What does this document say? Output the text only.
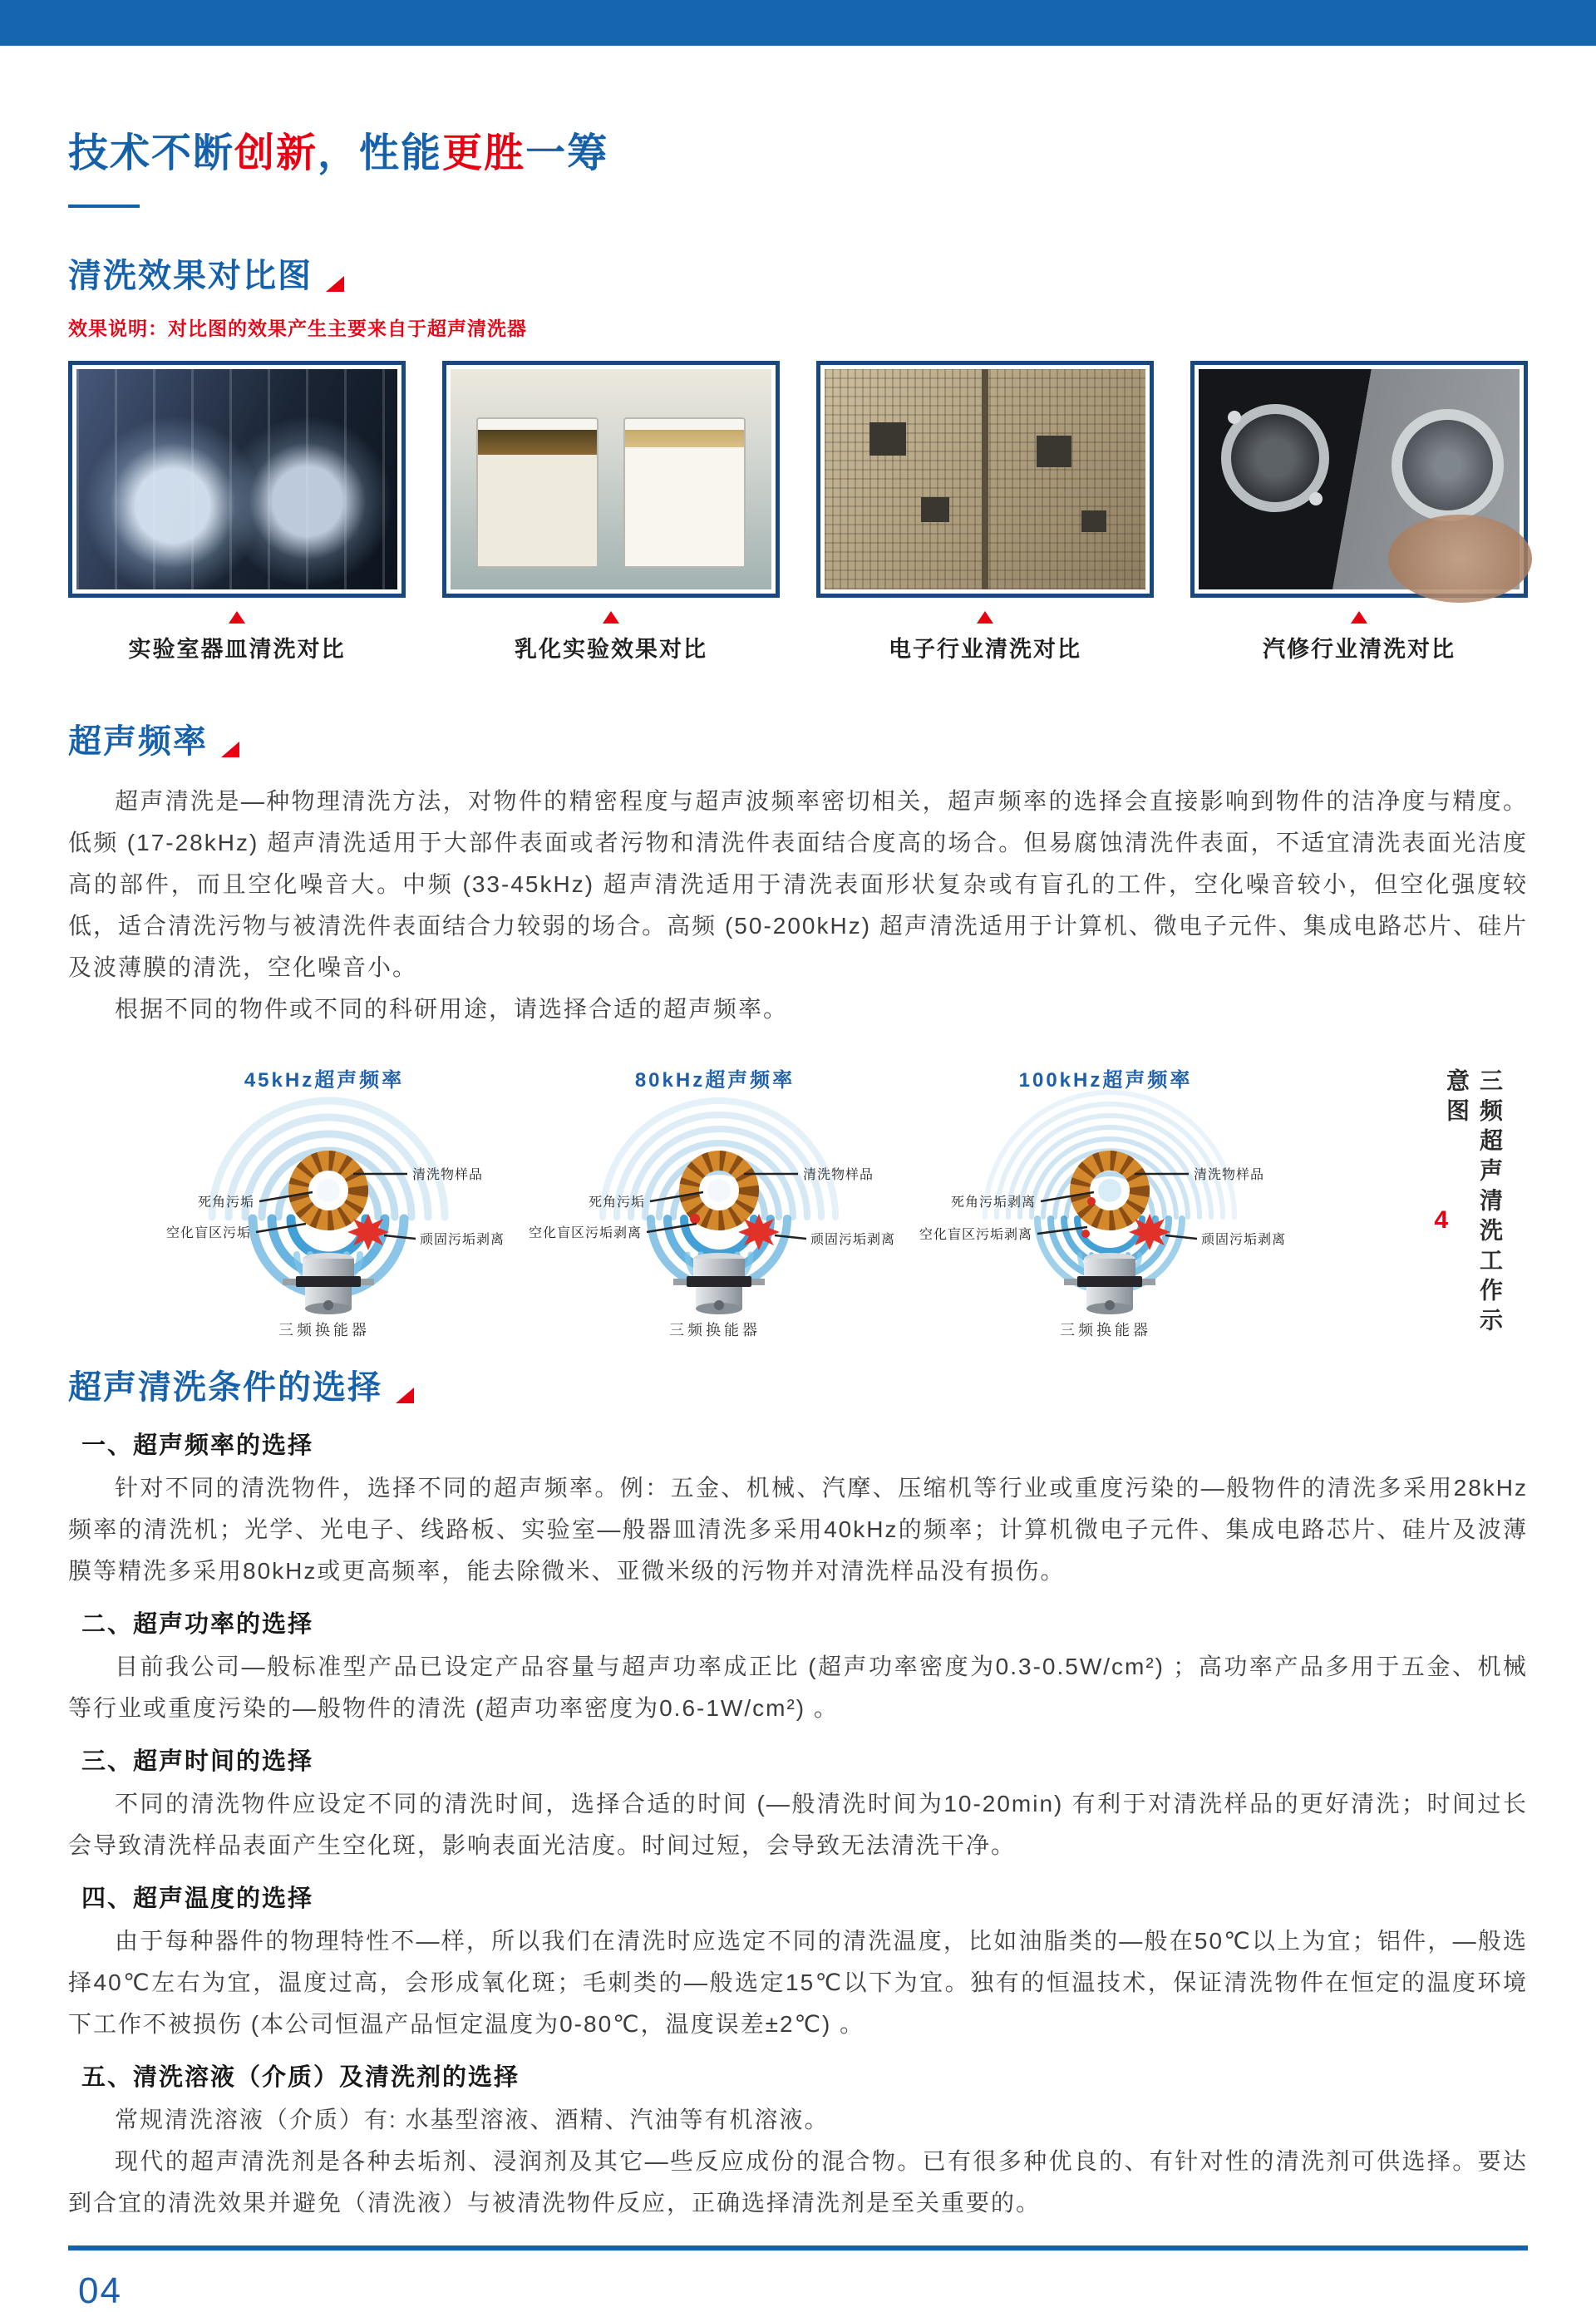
技术不断创新，性能更胜一筹
清洗效果对比图
效果说明：对比图的效果产生主要来自于超声清洗器
实验室器皿清洗对比	乳化实验效果对比	电子行业清洗对比	汽修行业清洗对比
超声频率

超声清洗是—种物理清洗方法，对物件的精密程度与超声波频率密切相关，超声频率的选择会直接影响到物件的洁净度与精度。低频 (17-28kHz) 超声清洗适用于大部件表面或者污物和清洗件表面结合度高的场合。但易腐蚀清洗件表面，不适宜清洗表面光洁度高的部件，而且空化噪音大。中频 (33-45kHz) 超声清洗适用于清洗表面形状复杂或有盲孔的工件，空化噪音较小，但空化强度较低，适合清洗污物与被清洗件表面结合力较弱的场合。高频 (50-200kHz) 超声清洗适用于计算机、微电子元件、集成电路芯片、硅片及波薄膜的清洗，空化噪音小。

根据不同的物件或不同的科研用途，请选择合适的超声频率。

45kHz超声频率
清洗物样品
死角污垢
空化盲区污垢	顽固污垢剥离
三频换能器
80kHz超声频率
清洗物样品
死角污垢
空化盲区污垢剥离	顽固污垢剥离
三频换能器
100kHz超声频率
清洗物样品
死角污垢剥离
空化盲区污垢剥离	顽固污垢剥离
三频换能器
4	三频超声清洗工作示意图
超声清洗条件的选择
一、超声频率的选择

针对不同的清洗物件，选择不同的超声频率。例：五金、机械、汽摩、压缩机等行业或重度污染的—般物件的清洗多采用28kHz频率的清洗机；光学、光电子、线路板、实验室—般器皿清洗多采用40kHz的频率；计算机微电子元件、集成电路芯片、硅片及波薄膜等精洗多采用80kHz或更高频率，能去除微米、亚微米级的污物并对清洗样品没有损伤。

二、超声功率的选择

目前我公司—般标准型产品已设定产品容量与超声功率成正比 (超声功率密度为0.3-0.5W/cm²) ；高功率产品多用于五金、机械等行业或重度污染的—般物件的清洗 (超声功率密度为0.6-1W/cm²) 。

三、超声时间的选择

不同的清洗物件应设定不同的清洗时间，选择合适的时间 (—般清洗时间为10-20min) 有利于对清洗样品的更好清洗；时间过长会导致清洗样品表面产生空化斑，影响表面光洁度。时间过短，会导致无法清洗干净。

四、超声温度的选择

由于每种器件的物理特性不—样，所以我们在清洗时应选定不同的清洗温度，比如油脂类的—般在50℃以上为宜；铝件，—般选择40℃左右为宜，温度过高，会形成氧化斑；毛刺类的—般选定15℃以下为宜。独有的恒温技术，保证清洗物件在恒定的温度环境下工作不被损伤 (本公司恒温产品恒定温度为0-80℃，温度误差±2℃) 。

五、清洗溶液（介质）及清洗剂的选择

常规清洗溶液（介质）有: 水基型溶液、酒精、汽油等有机溶液。

现代的超声清洗剂是各种去垢剂、浸润剂及其它—些反应成份的混合物。已有很多种优良的、有针对性的清洗剂可供选择。要达到合宜的清洗效果并避免（清洗液）与被清洗物件反应，正确选择清洗剂是至关重要的。

04
